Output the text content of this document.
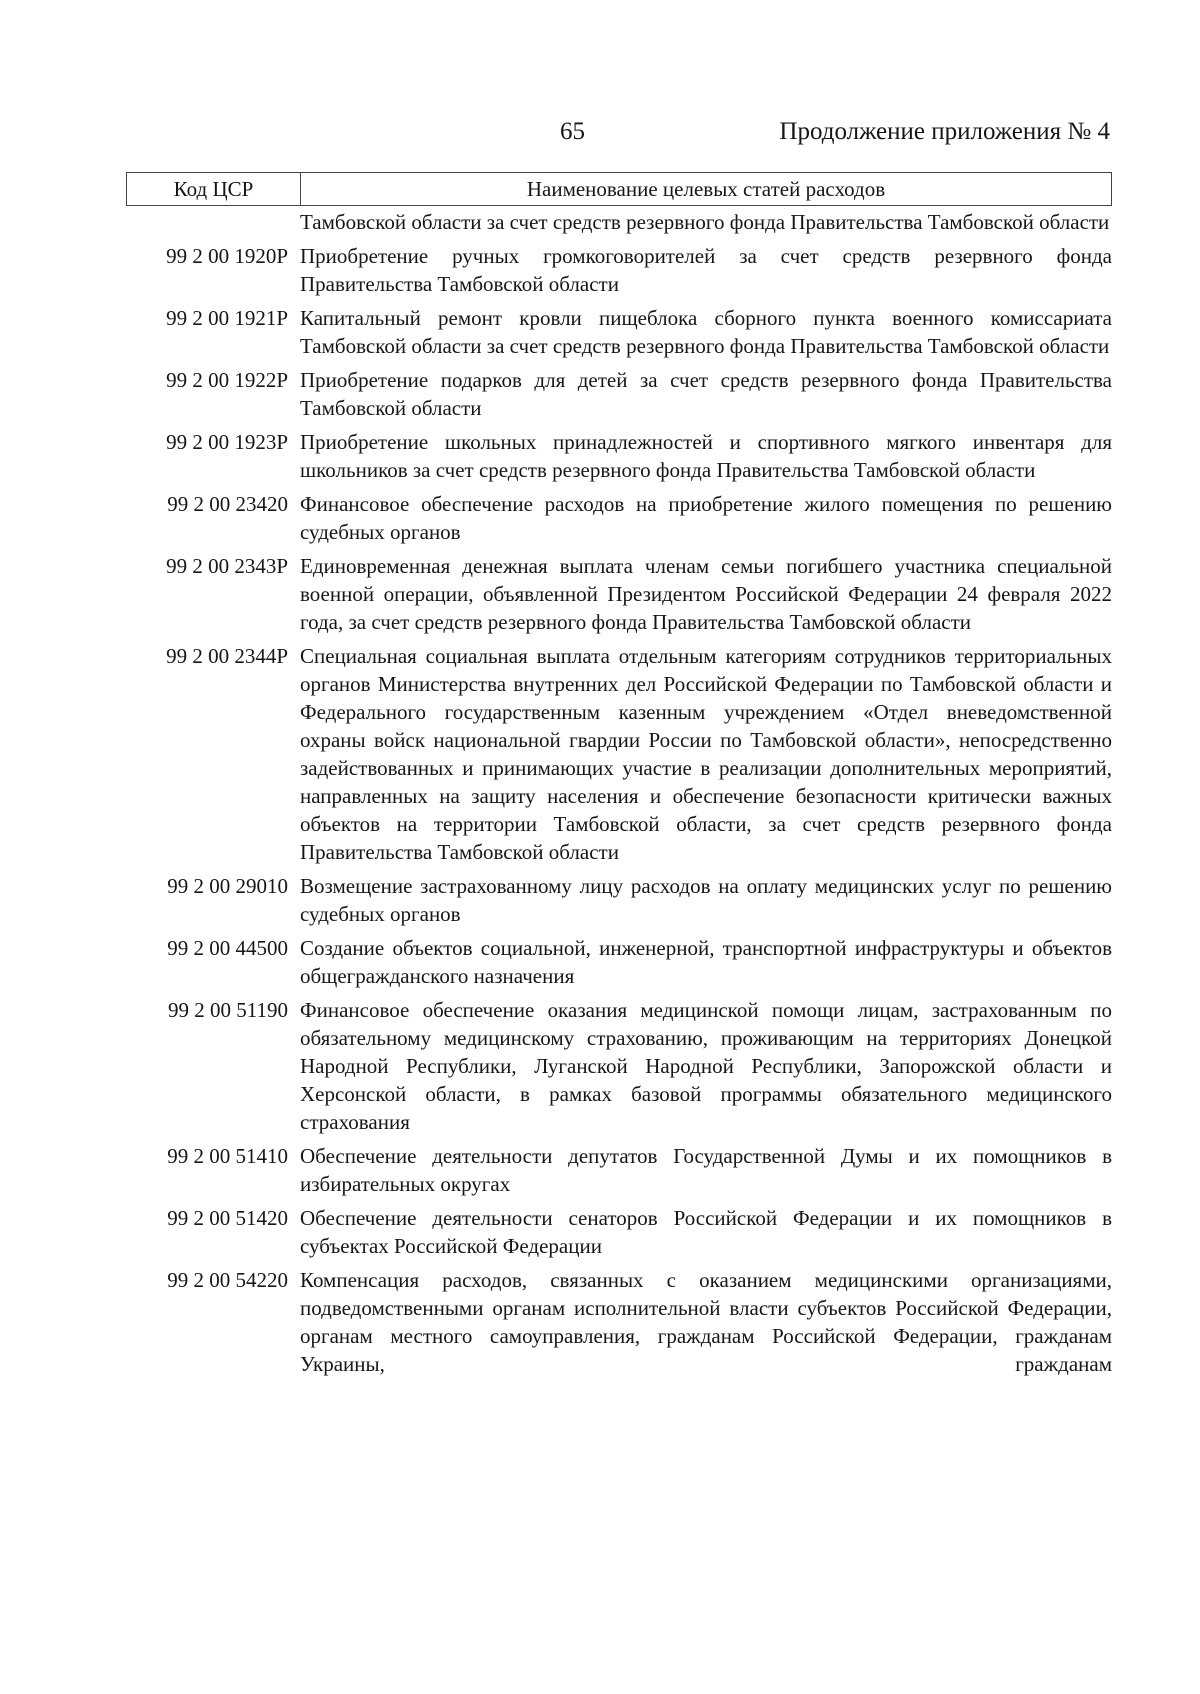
65	Продолжение приложения № 4
Код ЦСР	Наименование целевых статей расходов
Тамбовской области за счет средств резервного фонда Правительства Тамбовской области
99 2 00 1920Р Приобретение ручных громкоговорителей за счет средств резервного фонда Правительства Тамбовской области
99 2 00 1921Р Капитальный ремонт кровли пищеблока сборного пункта военного комиссариата Тамбовской области за счет средств резервного фонда Правительства Тамбовской области
99 2 00 1922Р Приобретение подарков для детей за счет средств резервного фонда Правительства Тамбовской области
99 2 00 1923Р Приобретение школьных принадлежностей и спортивного мягкого инвентаря для школьников за счет средств резервного фонда Правительства Тамбовской области
99 2 00 23420 Финансовое обеспечение расходов на приобретение жилого помещения по решению судебных органов
99 2 00 2343Р Единовременная денежная выплата членам семьи погибшего участника специальной военной операции, объявленной Президентом Российской Федерации 24 февраля 2022 года, за счет средств резервного фонда Правительства Тамбовской области
99 2 00 2344Р Специальная социальная выплата отдельным категориям сотрудников территориальных органов Министерства внутренних дел Российской Федерации по Тамбовской области и Федерального государственным казенным учреждением «Отдел вневедомственной охраны войск национальной гвардии России по Тамбовской области», непосредственно задействованных и принимающих участие в реализации дополнительных мероприятий, направленных на защиту населения и обеспечение безопасности критически важных объектов на территории Тамбовской области, за счет средств резервного фонда Правительства Тамбовской области
99 2 00 29010 Возмещение застрахованному лицу расходов на оплату медицинских услуг по решению судебных органов
99 2 00 44500 Создание объектов социальной, инженерной, транспортной инфраструктуры и объектов общегражданского назначения
99 2 00 51190 Финансовое обеспечение оказания медицинской помощи лицам, застрахованным по обязательному медицинскому страхованию, проживающим на территориях Донецкой Народной Республики, Луганской Народной Республики, Запорожской области и Херсонской области, в рамках базовой программы обязательного медицинского страхования
99 2 00 51410 Обеспечение деятельности депутатов Государственной Думы и их помощников в избирательных округах
99 2 00 51420 Обеспечение деятельности сенаторов Российской Федерации и их помощников в субъектах Российской Федерации
99 2 00 54220 Компенсация расходов, связанных с оказанием медицинскими организациями, подведомственными органам исполнительной власти субъектов Российской Федерации, органам местного самоуправления, гражданам Российской Федерации, гражданам Украины, гражданам
